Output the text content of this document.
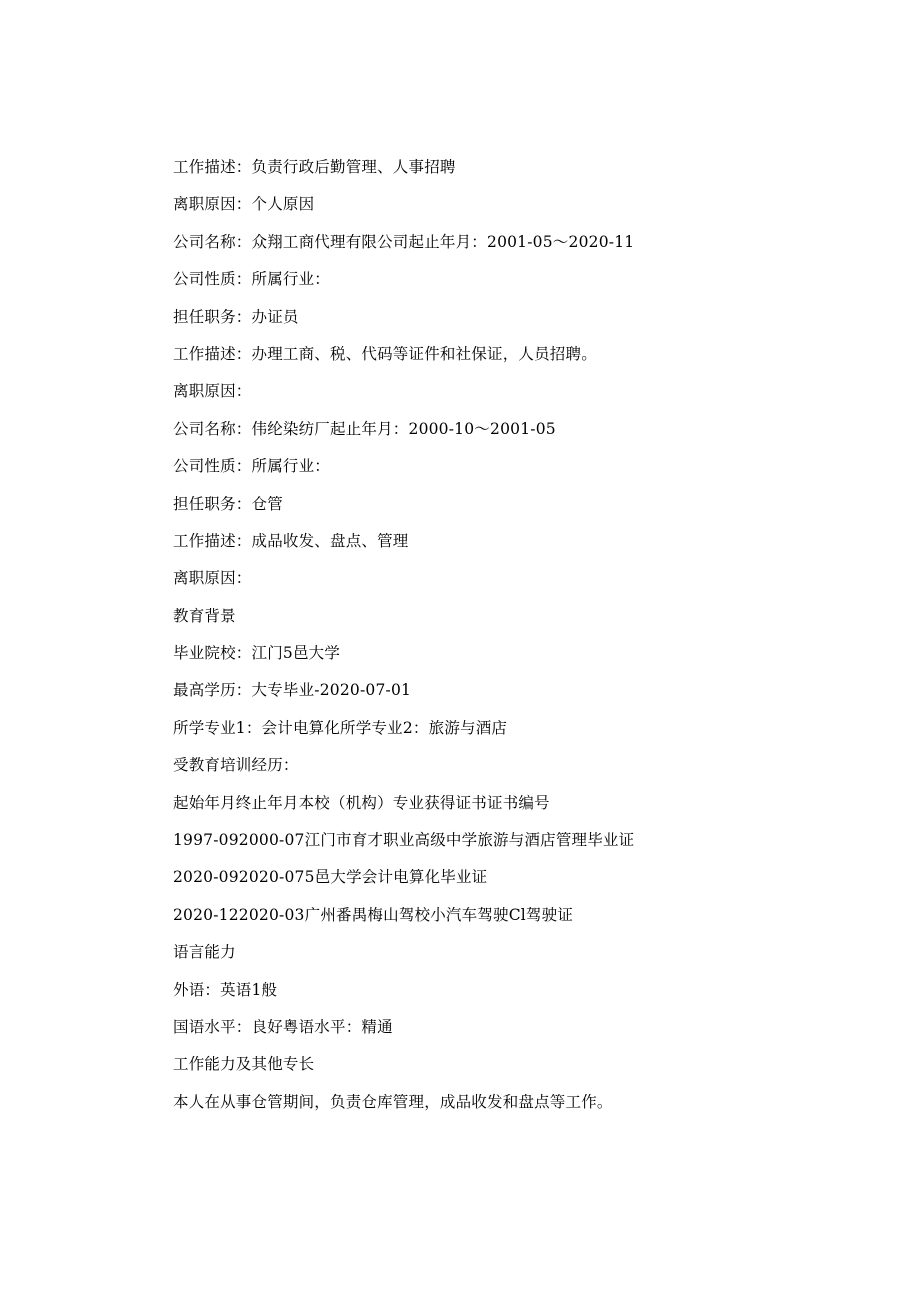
工作描述：负责行政后勤管理、人事招聘
离职原因：个人原因
公司名称：众翔工商代理有限公司起止年月：2001-05～2020-11
公司性质：所属行业：
担任职务：办证员
工作描述：办理工商、税、代码等证件和社保证，人员招聘。
离职原因：
公司名称：伟纶染纺厂起止年月：2000-10～2001-05
公司性质：所属行业：
担任职务：仓管
工作描述：成品收发、盘点、管理
离职原因：
教育背景
毕业院校：江门5邑大学
最高学历：大专毕业-2020-07-01
所学专业1：会计电算化所学专业2：旅游与酒店
受教育培训经历：
起始年月终止年月本校（机构）专业获得证书证书编号
1997-092000-07江门市育才职业高级中学旅游与酒店管理毕业证
2020-092020-075邑大学会计电算化毕业证
2020-122020-03广州番禺梅山驾校小汽车驾驶Cl驾驶证
语言能力
外语：英语1般
国语水平：良好粤语水平：精通
工作能力及其他专长
本人在从事仓管期间，负责仓库管理，成品收发和盘点等工作。
